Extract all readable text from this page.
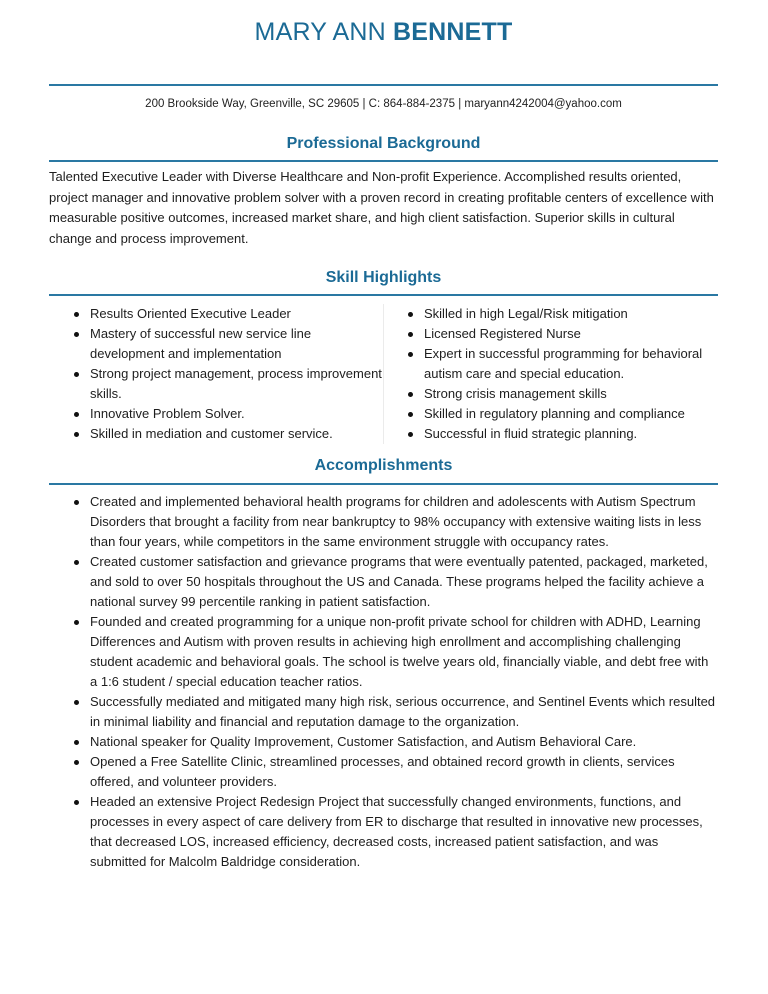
MARY ANN BENNETT
200 Brookside Way, Greenville, SC 29605 | C: 864-884-2375 | maryann4242004@yahoo.com
Professional Background
Talented Executive Leader with Diverse Healthcare and Non-profit Experience. Accomplished results oriented, project manager and innovative problem solver with a proven record in creating profitable centers of excellence with measurable positive outcomes, increased market share, and high client satisfaction. Superior skills in cultural change and process improvement.
Skill Highlights
Results Oriented Executive Leader
Mastery of successful new service line development and implementation
Strong project management, process improvement skills.
Innovative Problem Solver.
Skilled in mediation and customer service.
Skilled in high Legal/Risk mitigation
Licensed Registered Nurse
Expert in successful programming for behavioral autism care and special education.
Strong crisis management skills
Skilled in regulatory planning and compliance
Successful in fluid strategic planning.
Accomplishments
Created and implemented behavioral health programs for children and adolescents with Autism Spectrum Disorders that brought a facility from near bankruptcy to 98% occupancy with extensive waiting lists in less than four years, while competitors in the same environment struggle with occupancy rates.
Created customer satisfaction and grievance programs that were eventually patented, packaged, marketed, and sold to over 50 hospitals throughout the US and Canada. These programs helped the facility achieve a national survey 99 percentile ranking in patient satisfaction.
Founded and created programming for a unique non-profit private school for children with ADHD, Learning Differences and Autism with proven results in achieving high enrollment and accomplishing challenging student academic and behavioral goals. The school is twelve years old, financially viable, and debt free with a 1:6 student / special education teacher ratios.
Successfully mediated and mitigated many high risk, serious occurrence, and Sentinel Events which resulted in minimal liability and financial and reputation damage to the organization.
National speaker for Quality Improvement, Customer Satisfaction, and Autism Behavioral Care.
Opened a Free Satellite Clinic, streamlined processes, and obtained record growth in clients, services offered, and volunteer providers.
Headed an extensive Project Redesign Project that successfully changed environments, functions, and processes in every aspect of care delivery from ER to discharge that resulted in innovative new processes, that decreased LOS, increased efficiency, decreased costs, increased patient satisfaction, and was submitted for Malcolm Baldridge consideration.
